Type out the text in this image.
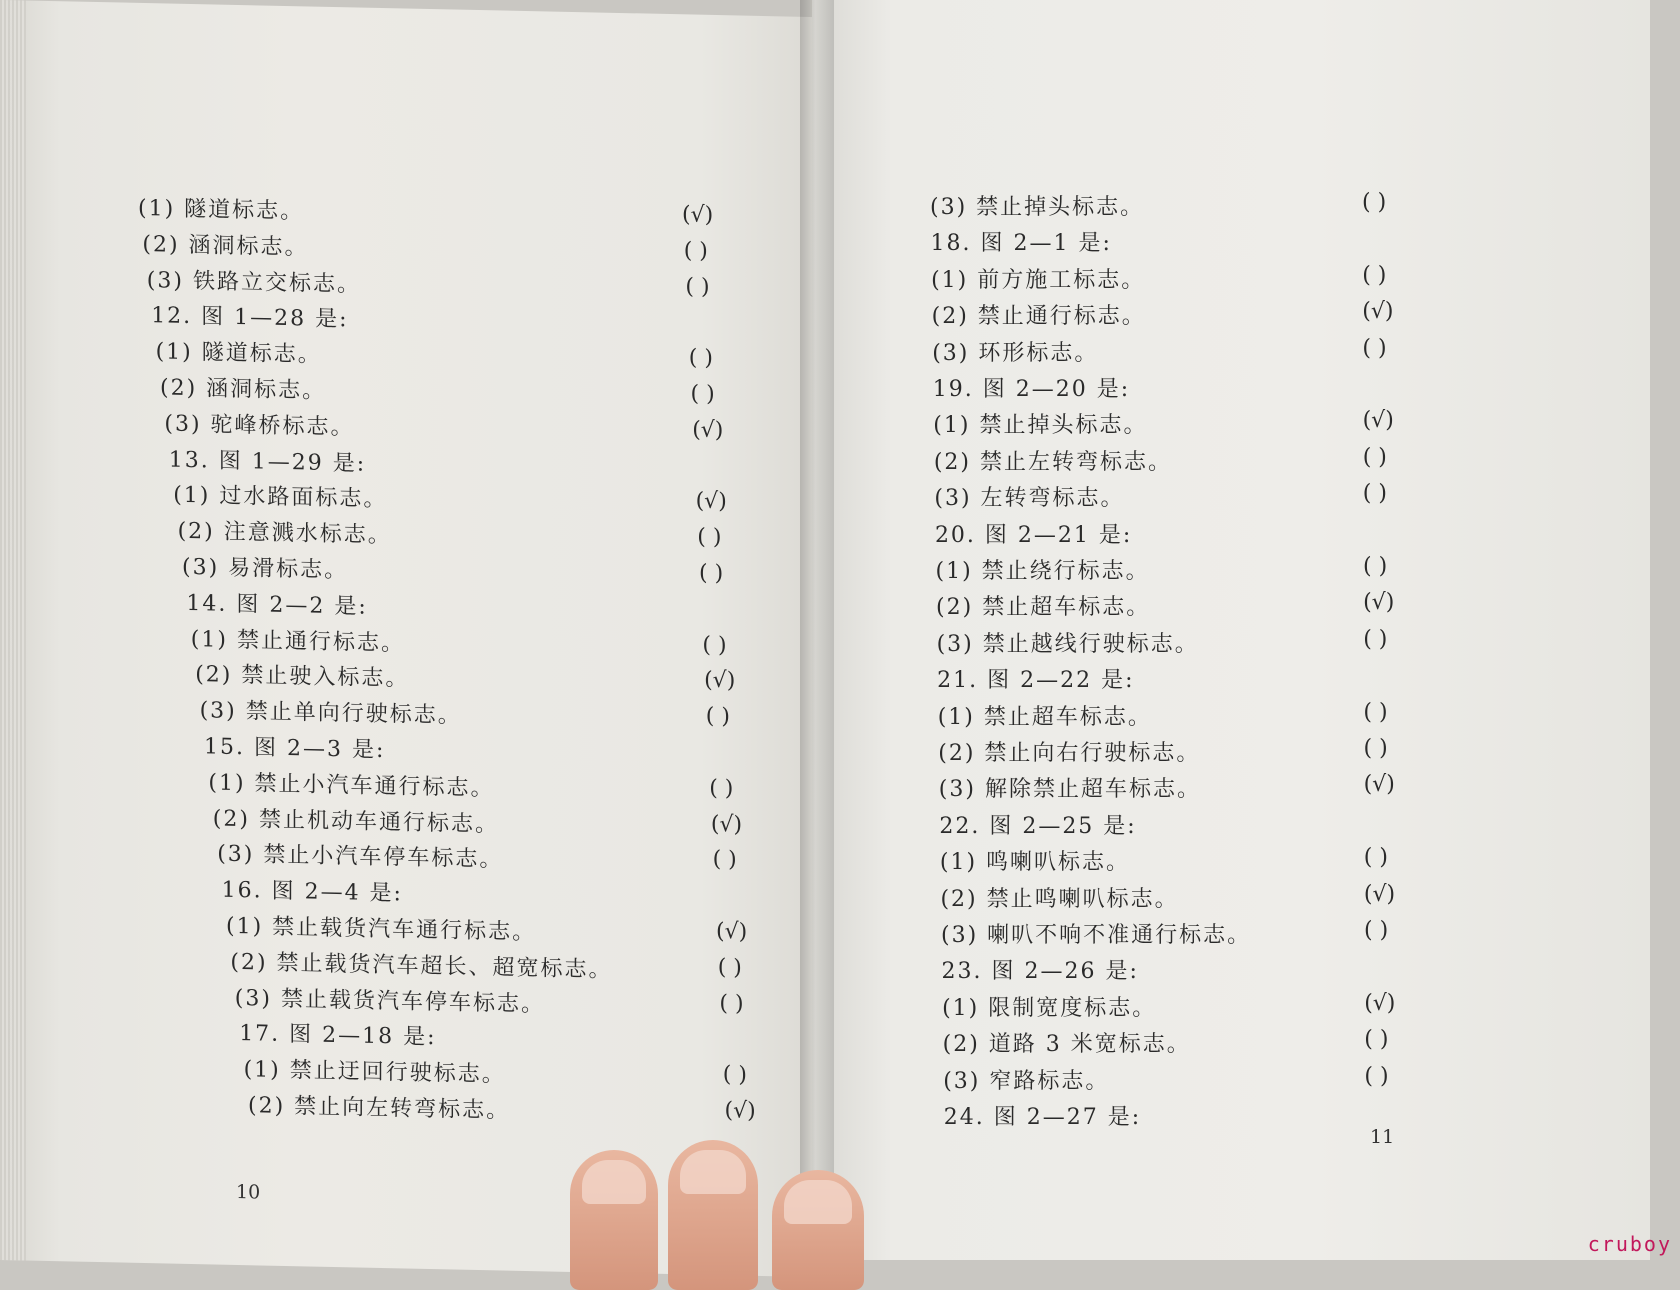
(1) 隧道标志。	(√)
(2) 涵洞标志。	( )
(3) 铁路立交标志。	( )
12. 图 1—28 是:
(1) 隧道标志。	( )
(2) 涵洞标志。	( )
(3) 驼峰桥标志。	(√)
13. 图 1—29 是:
(1) 过水路面标志。	(√)
(2) 注意溅水标志。	( )
(3) 易滑标志。	( )
14. 图 2—2 是:
(1) 禁止通行标志。	( )
(2) 禁止驶入标志。	(√)
(3) 禁止单向行驶标志。	( )
15. 图 2—3 是:
(1) 禁止小汽车通行标志。	( )
(2) 禁止机动车通行标志。	(√)
(3) 禁止小汽车停车标志。	( )
16. 图 2—4 是:
(1) 禁止载货汽车通行标志。	(√)
(2) 禁止载货汽车超长、超宽标志。	( )
(3) 禁止载货汽车停车标志。	( )
17. 图 2—18 是:
(1) 禁止迂回行驶标志。	( )
(2) 禁止向左转弯标志。	(√)
10
(3) 禁止掉头标志。	( )
18. 图 2—1 是:
(1) 前方施工标志。	( )
(2) 禁止通行标志。	(√)
(3) 环形标志。	( )
19. 图 2—20 是:
(1) 禁止掉头标志。	(√)
(2) 禁止左转弯标志。	( )
(3) 左转弯标志。	( )
20. 图 2—21 是:
(1) 禁止绕行标志。	( )
(2) 禁止超车标志。	(√)
(3) 禁止越线行驶标志。	( )
21. 图 2—22 是:
(1) 禁止超车标志。	( )
(2) 禁止向右行驶标志。	( )
(3) 解除禁止超车标志。	(√)
22. 图 2—25 是:
(1) 鸣喇叭标志。	( )
(2) 禁止鸣喇叭标志。	(√)
(3) 喇叭不响不准通行标志。	( )
23. 图 2—26 是:
(1) 限制宽度标志。	(√)
(2) 道路 3 米宽标志。	( )
(3) 窄路标志。	( )
24. 图 2—27 是:
11
cruboy
